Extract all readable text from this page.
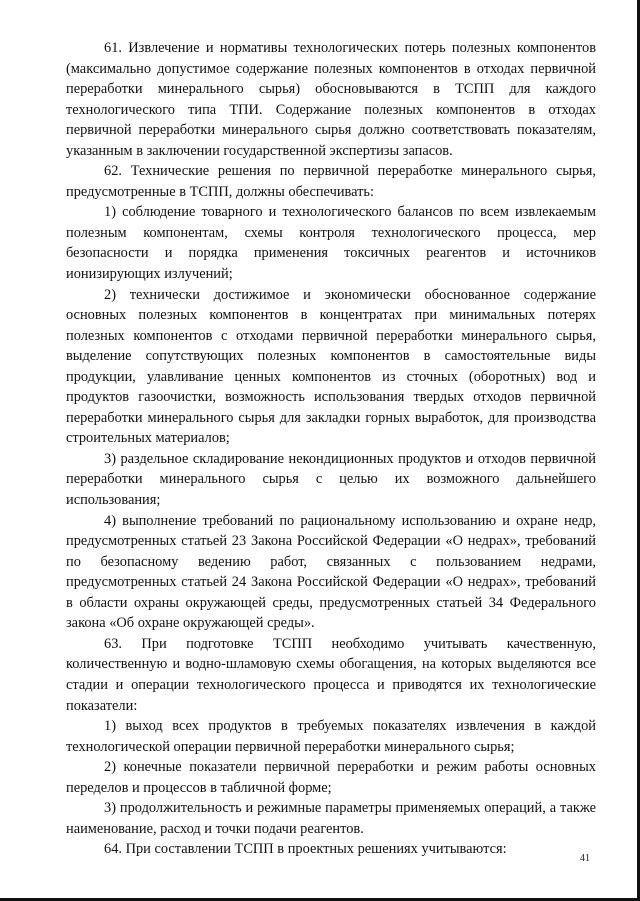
61. Извлечение и нормативы технологических потерь полезных компонентов (максимально допустимое содержание полезных компонентов в отходах первичной переработки минерального сырья) обосновываются в ТСПП для каждого технологического типа ТПИ. Содержание полезных компонентов в отходах первичной переработки минерального сырья должно соответствовать показателям, указанным в заключении государственной экспертизы запасов.

62. Технические решения по первичной переработке минерального сырья, предусмотренные в ТСПП, должны обеспечивать:

1) соблюдение товарного и технологического балансов по всем извлекаемым полезным компонентам, схемы контроля технологического процесса, мер безопасности и порядка применения токсичных реагентов и источников ионизирующих излучений;

2) технически достижимое и экономически обоснованное содержание основных полезных компонентов в концентратах при минимальных потерях полезных компонентов с отходами первичной переработки минерального сырья, выделение сопутствующих полезных компонентов в самостоятельные виды продукции, улавливание ценных компонентов из сточных (оборотных) вод и продуктов газоочистки, возможность использования твердых отходов первичной переработки минерального сырья для закладки горных выработок, для производства строительных материалов;

3) раздельное складирование некондиционных продуктов и отходов первичной переработки минерального сырья с целью их возможного дальнейшего использования;

4) выполнение требований по рациональному использованию и охране недр, предусмотренных статьей 23 Закона Российской Федерации «О недрах», требований по безопасному ведению работ, связанных с пользованием недрами, предусмотренных статьей 24 Закона Российской Федерации «О недрах», требований в области охраны окружающей среды, предусмотренных статьей 34 Федерального закона «Об охране окружающей среды».

63. При подготовке ТСПП необходимо учитывать качественную, количественную и водно-шламовую схемы обогащения, на которых выделяются все стадии и операции технологического процесса и приводятся их технологические показатели:

1) выход всех продуктов в требуемых показателях извлечения в каждой технологической операции первичной переработки минерального сырья;

2) конечные показатели первичной переработки и режим работы основных переделов и процессов в табличной форме;

3) продолжительность и режимные параметры применяемых операций, а также наименование, расход и точки подачи реагентов.

64. При составлении ТСПП в проектных решениях учитываются:

41
